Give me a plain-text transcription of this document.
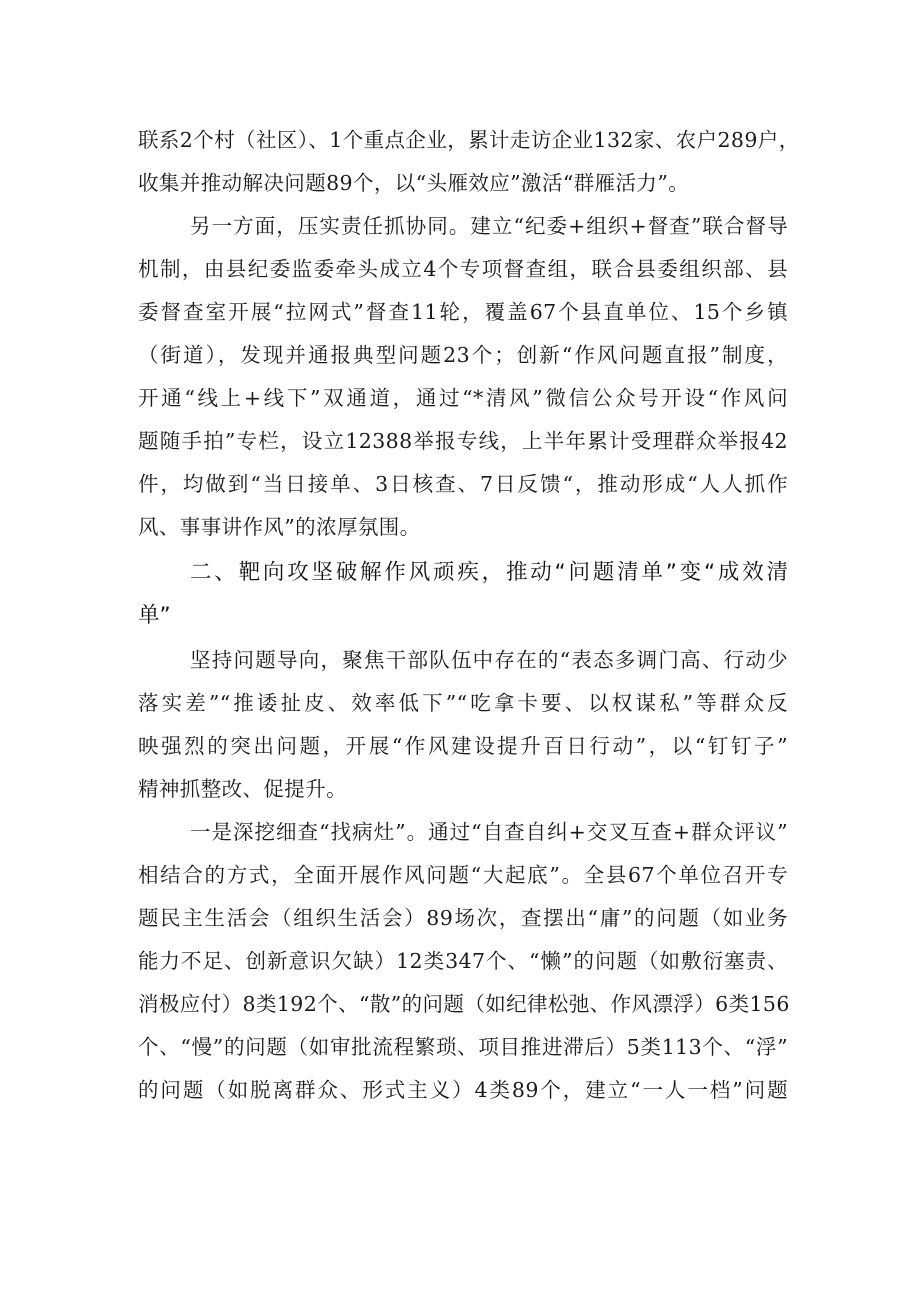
联系2个村（社区）、1个重点企业，累计走访企业132家、农户289户，
收集并推动解决问题89个，以“头雁效应”激活“群雁活力”。
另一方面，压实责任抓协同。建立“纪委+组织+督查”联合督导
机制，由县纪委监委牵头成立4个专项督查组，联合县委组织部、县
委督查室开展“拉网式”督查11轮，覆盖67个县直单位、15个乡镇
（街道），发现并通报典型问题23个；创新“作风问题直报”制度，
开通“线上+线下”双通道，通过“*清风”微信公众号开设“作风问
题随手拍”专栏，设立12388举报专线，上半年累计受理群众举报42
件，均做到“当日接单、3日核查、7日反馈“，推动形成“人人抓作
风、事事讲作风”的浓厚氛围。
二、靶向攻坚破解作风顽疾，推动“问题清单”变“成效清
单”
坚持问题导向，聚焦干部队伍中存在的“表态多调门高、行动少
落实差”“推诿扯皮、效率低下”“吃拿卡要、以权谋私”等群众反
映强烈的突出问题，开展“作风建设提升百日行动”，以“钉钉子”
精神抓整改、促提升。
一是深挖细查“找病灶”。通过“自查自纠+交叉互查+群众评议”
相结合的方式，全面开展作风问题“大起底”。全县67个单位召开专
题民主生活会（组织生活会）89场次，查摆出“庸”的问题（如业务
能力不足、创新意识欠缺）12类347个、“懒”的问题（如敷衍塞责、
消极应付）8类192个、“散”的问题（如纪律松弛、作风漂浮）6类156
个、“慢”的问题（如审批流程繁琐、项目推进滞后）5类113个、“浮”
的问题（如脱离群众、形式主义）4类89个，建立“一人一档”问题
